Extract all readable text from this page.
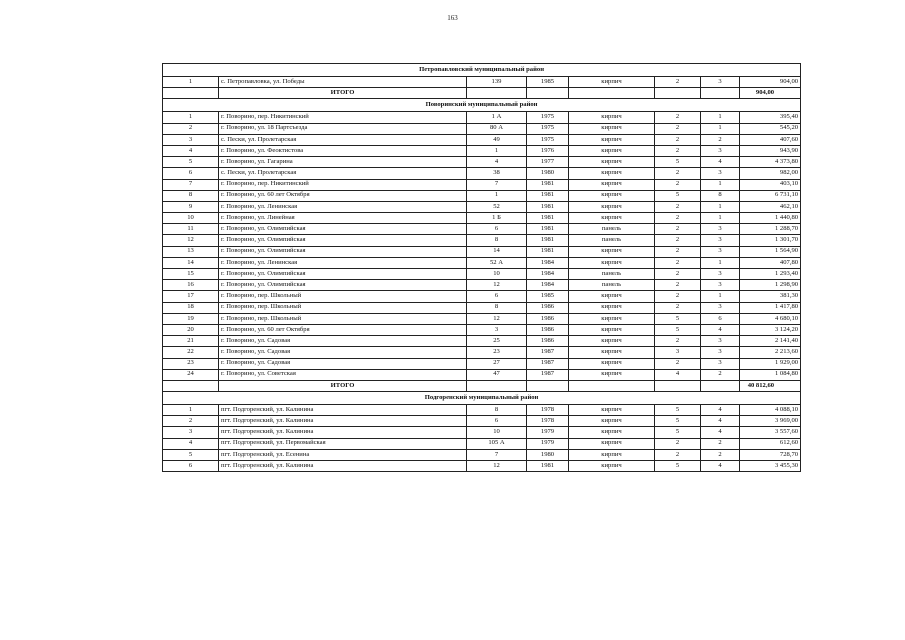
163
Петропавловский муниципальный район							
1	с. Петропавловка, ул. Победы	139	1985	кирпич	2	3	904,00
	ИТОГО						904,00
Поворинский муниципальный район							
1	г. Поворино, пер. Никитинский	1 А	1975	кирпич	2	1	395,40
2	г. Поворино, ул. 18 Партсъезда	80 А	1975	кирпич	2	1	545,20
3	с. Пески, ул. Пролетарская	49	1975	кирпич	2	2	407,60
4	г. Поворино, ул. Феоктистова	1	1976	кирпич	2	3	943,90
5	г. Поворино, ул. Гагарина	4	1977	кирпич	5	4	4 373,80
6	с. Пески, ул. Пролетарская	38	1980	кирпич	2	3	982,00
7	г. Поворино, пер. Никитинский	7	1981	кирпич	2	1	403,10
8	г. Поворино, ул. 60 лет Октября	1	1981	кирпич	5	8	6 731,10
9	г. Поворино, ул. Ленинская	52	1981	кирпич	2	1	462,10
10	г. Поворино, ул. Линейная	1 Б	1981	кирпич	2	1	1 440,80
11	г. Поворино, ул. Олимпийская	6	1981	панель	2	3	1 288,70
12	г. Поворино, ул. Олимпийская	8	1981	панель	2	3	1 301,70
13	г. Поворино, ул. Олимпийская	14	1981	кирпич	2	3	1 564,90
14	г. Поворино, ул. Ленинская	52 А	1984	кирпич	2	1	407,80
15	г. Поворино, ул. Олимпийская	10	1984	панель	2	3	1 293,40
16	г. Поворино, ул. Олимпийская	12	1984	панель	2	3	1 298,90
17	г. Поворино, пер. Школьный	6	1985	кирпич	2	1	381,30
18	г. Поворино, пер. Школьный	8	1986	кирпич	2	3	1 417,80
19	г. Поворино, пер. Школьный	12	1986	кирпич	5	6	4 680,10
20	г. Поворино, ул. 60 лет Октября	3	1986	кирпич	5	4	3 124,20
21	г. Поворино, ул. Садовая	25	1986	кирпич	2	3	2 141,40
22	г. Поворино, ул. Садовая	23	1987	кирпич	3	3	2 213,60
23	г. Поворино, ул. Садовая	27	1987	кирпич	2	3	1 929,00
24	г. Поворино, ул. Советская	47	1987	кирпич	4	2	1 084,80
	ИТОГО						40 812,60
Подгоренский муниципальный район							
1	пгт. Подгоренский, ул. Калинина	8	1978	кирпич	5	4	4 088,10
2	пгт. Подгоренский, ул. Калинина	6	1978	кирпич	5	4	3 969,00
3	пгт. Подгоренский, ул. Калинина	10	1979	кирпич	5	4	3 557,60
4	пгт. Подгоренский, ул. Первомайская	105 А	1979	кирпич	2	2	612,60
5	пгт. Подгоренский, ул. Есенина	7	1980	кирпич	2	2	728,70
6	пгт. Подгоренский, ул. Калинина	12	1981	кирпич	5	4	3 455,30
